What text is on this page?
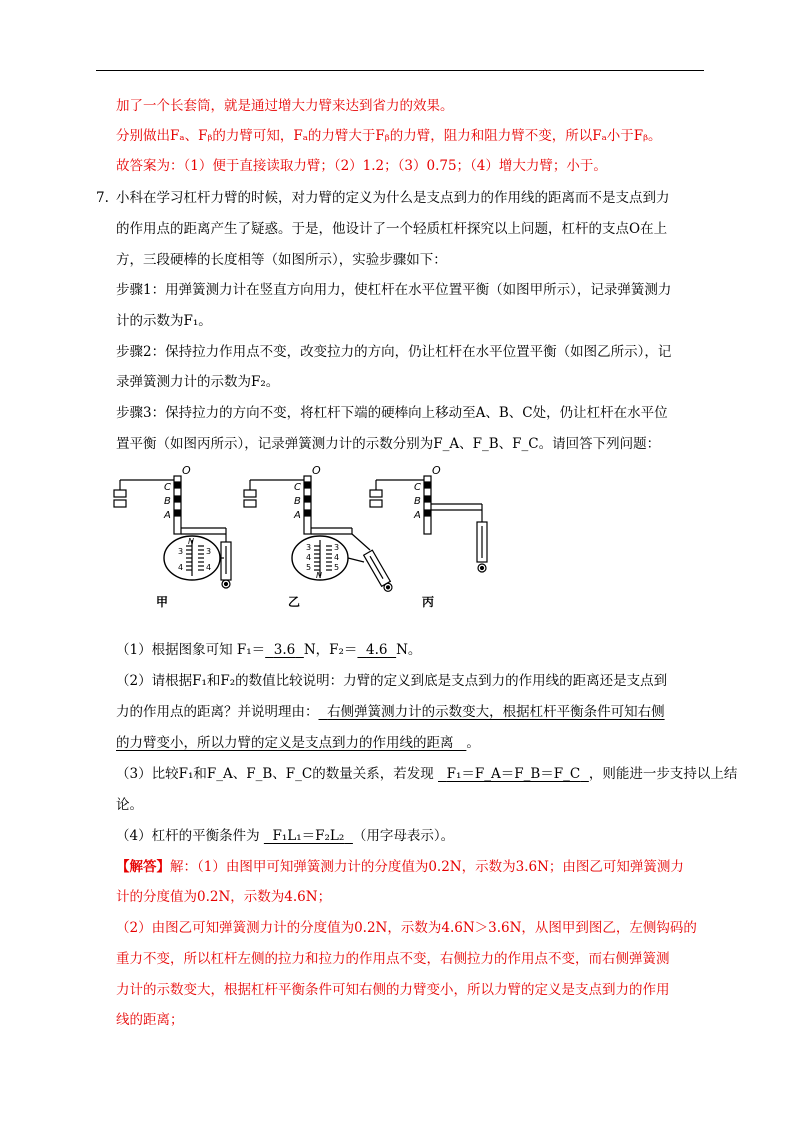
加了一个长套筒，就是通过增大力臂来达到省力的效果。
分别做出Fₐ、Fᵦ的力臂可知，Fₐ的力臂大于Fᵦ的力臂，阻力和阻力臂不变，所以Fₐ小于Fᵦ。
故答案为：（1）便于直接读取力臂；（2）1.2；（3）0.75；（4）增大力臂；小于。
7. 小科在学习杠杆力臂的时候，对力臂的定义为什么是支点到力的作用线的距离而不是支点到力
的作用点的距离产生了疑惑。于是，他设计了一个轻质杠杆探究以上问题，杠杆的支点O在上
方，三段硬棒的长度相等（如图所示），实验步骤如下：
步骤1：用弹簧测力计在竖直方向用力，使杠杆在水平位置平衡（如图甲所示），记录弹簧测力
计的示数为F₁。
步骤2：保持拉力作用点不变，改变拉力的方向，仍让杠杆在水平位置平衡（如图乙所示），记
录弹簧测力计的示数为F₂。
步骤3：保持拉力的方向不变，将杠杆下端的硬棒向上移动至A、B、C处，仍让杠杆在水平位
置平衡（如图丙所示），记录弹簧测力计的示数分别为F_A、F_B、F_C。请回答下列问题：
O
C
B
A
N
3
4
3
4
甲
O
C
B
A
3
4
5
3
4
5
N
乙
O
C
B
A
丙
（1）根据图象可知 F₁＝ 3.6 N，F₂＝ 4.6 N。
（2）请根据F₁和F₂的数值比较说明：力臂的定义到底是支点到力的作用线的距离还是支点到
力的作用点的距离？并说明理由： 右侧弹簧测力计的示数变大，根据杠杆平衡条件可知右侧
的力臂变小，所以力臂的定义是支点到力的作用线的距离 。
（3）比较F₁和F_A、F_B、F_C的数量关系，若发现 F₁＝F_A＝F_B＝F_C ，则能进一步支持以上结
论。
（4）杠杆的平衡条件为 F₁L₁＝F₂L₂ （用字母表示）。
【解答】解：（1）由图甲可知弹簧测力计的分度值为0.2N，示数为3.6N；由图乙可知弹簧测力
计的分度值为0.2N，示数为4.6N；
（2）由图乙可知弹簧测力计的分度值为0.2N，示数为4.6N＞3.6N，从图甲到图乙，左侧钩码的
重力不变，所以杠杆左侧的拉力和拉力的作用点不变，右侧拉力的作用点不变，而右侧弹簧测
力计的示数变大，根据杠杆平衡条件可知右侧的力臂变小，所以力臂的定义是支点到力的作用
线的距离；
